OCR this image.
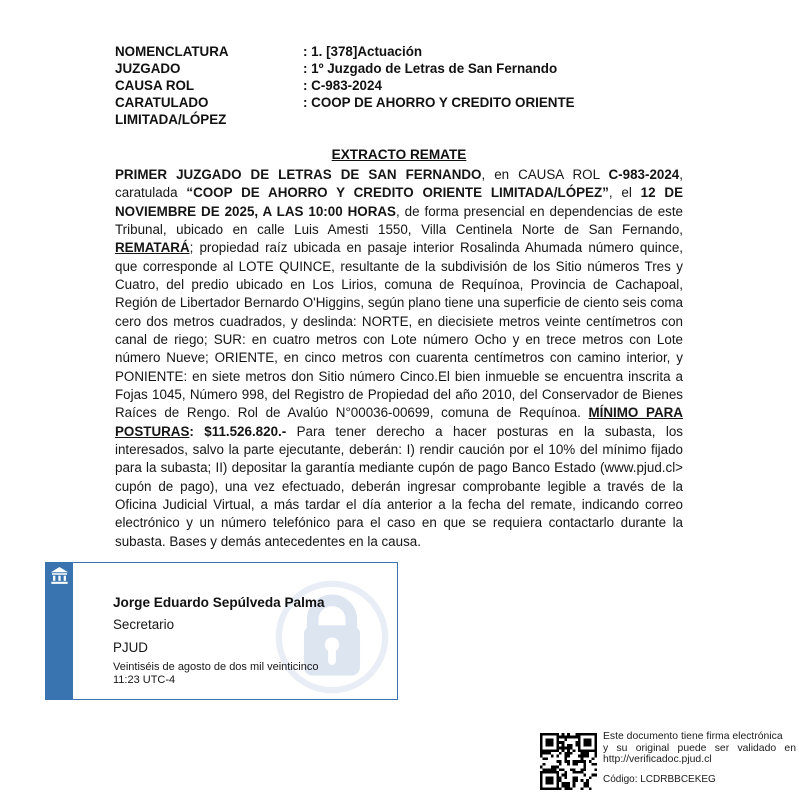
NOMENCLATURA	: 1. [378]Actuación
JUZGADO	: 1º Juzgado de Letras de San Fernando
CAUSA ROL	: C-983-2024
CARATULADO	: COOP DE AHORRO Y CREDITO ORIENTE
LIMITADA/LÓPEZ
EXTRACTO REMATE
PRIMER JUZGADO DE LETRAS DE SAN FERNANDO, en CAUSA ROL C-983-2024, caratulada “COOP DE AHORRO Y CREDITO ORIENTE LIMITADA/LÓPEZ”, el 12 DE NOVIEMBRE DE 2025, A LAS 10:00 HORAS, de forma presencial en dependencias de este Tribunal, ubicado en calle Luis Amesti 1550, Villa Centinela Norte de San Fernando, REMATARÁ; propiedad raíz ubicada en pasaje interior Rosalinda Ahumada número quince, que corresponde al LOTE QUINCE, resultante de la subdivisión de los Sitio números Tres y Cuatro, del predio ubicado en Los Lirios, comuna de Requínoa, Provincia de Cachapoal, Región de Libertador Bernardo O'Higgins, según plano tiene una superficie de ciento seis coma cero dos metros cuadrados, y deslinda: NORTE, en diecisiete metros veinte centímetros con canal de riego; SUR: en cuatro metros con Lote número Ocho y en trece metros con Lote número Nueve; ORIENTE, en cinco metros con cuarenta centímetros con camino interior, y PONIENTE: en siete metros don Sitio número Cinco.El bien inmueble se encuentra inscrita a Fojas 1045, Número 998, del Registro de Propiedad del año 2010, del Conservador de Bienes Raíces de Rengo. Rol de Avalúo N°00036-00699, comuna de Requínoa. MÍNIMO PARA POSTURAS: $11.526.820.- Para tener derecho a hacer posturas en la subasta, los interesados, salvo la parte ejecutante, deberán: I) rendir caución por el 10% del mínimo fijado para la subasta; II) depositar la garantía mediante cupón de pago Banco Estado (www.pjud.cl> cupón de pago), una vez efectuado, deberán ingresar comprobante legible a través de la Oficina Judicial Virtual, a más tardar el día anterior a la fecha del remate, indicando correo electrónico y un número telefónico para el caso en que se requiera contactarlo durante la subasta. Bases y demás antecedentes en la causa.
Jorge Eduardo Sepúlveda Palma
Secretario
PJUD
Veintiséis de agosto de dos mil veinticinco
11:23 UTC-4
Este documento tiene firma electrónica
y su original puede ser validado en
http://verificadoc.pjud.cl
Código: LCDRBBCEKEG
